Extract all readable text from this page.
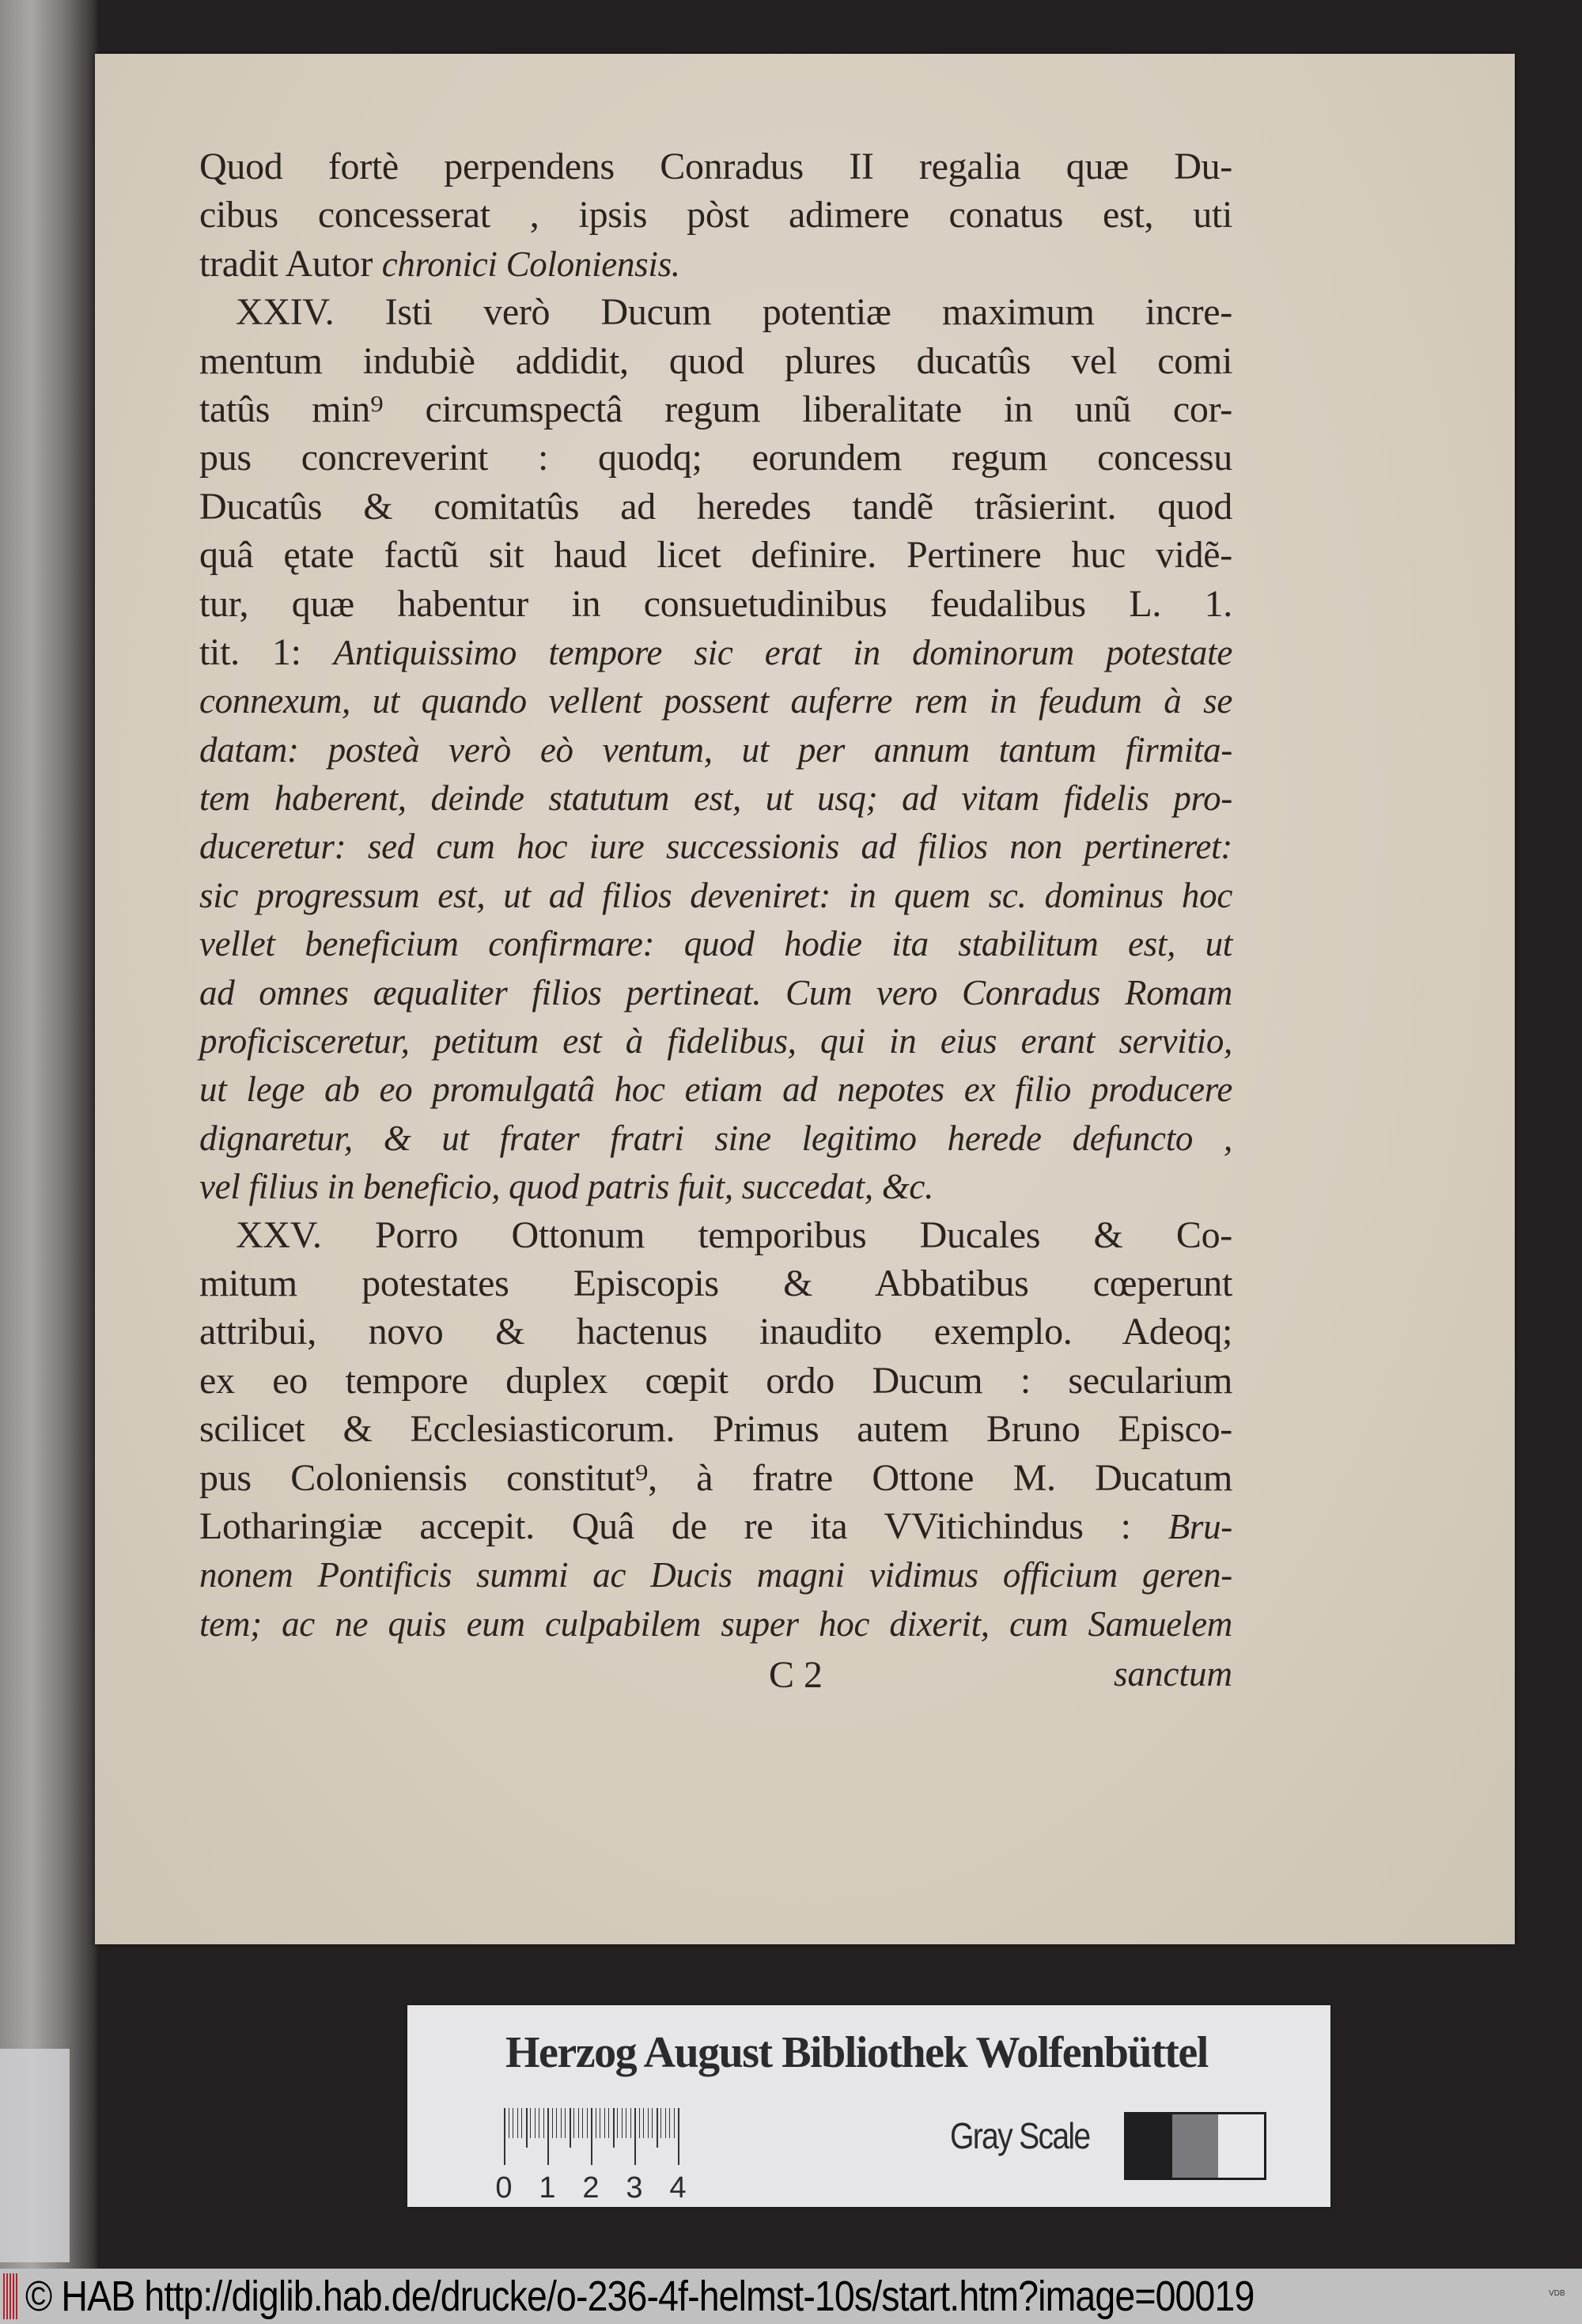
Quod fortè perpendens Conradus II regalia quæ Du-
cibus concesserat , ipsis pòst adimere conatus est, uti
tradit Autor chronici Coloniensis.
XXIV. Isti verò Ducum potentiæ maximum incre-
mentum indubiè addidit, quod plures ducatûs vel comi
tatûs min⁹ circumspectâ regum liberalitate in unũ cor-
pus concreverint : quodq; eorundem regum concessu
Ducatûs & comitatûs ad heredes tandẽ trãsierint. quod
quâ ętate factũ sit haud licet definire. Pertinere huc vidẽ-
tur, quæ habentur in consuetudinibus feudalibus L. 1.
tit. 1: Antiquissimo tempore sic erat in dominorum potestate
connexum, ut quando vellent possent auferre rem in feudum à se
datam: posteà verò eò ventum, ut per annum tantum firmita-
tem haberent, deinde statutum est, ut usq; ad vitam fidelis pro-
duceretur: sed cum hoc iure successionis ad filios non pertineret:
sic progressum est, ut ad filios deveniret: in quem sc. dominus hoc
vellet beneficium confirmare: quod hodie ita stabilitum est, ut
ad omnes æqualiter filios pertineat. Cum vero Conradus Romam
proficisceretur, petitum est à fidelibus, qui in eius erant servitio,
ut lege ab eo promulgatâ hoc etiam ad nepotes ex filio producere
dignaretur, & ut frater fratri sine legitimo herede defuncto ,
vel filius in beneficio, quod patris fuit, succedat, &c.
XXV. Porro Ottonum temporibus Ducales & Co-
mitum potestates Episcopis & Abbatibus cœperunt
attribui, novo & hactenus inaudito exemplo. Adeoq;
ex eo tempore duplex cœpit ordo Ducum : secularium
scilicet & Ecclesiasticorum. Primus autem Bruno Episco-
pus Coloniensis constitut⁹, à fratre Ottone M. Ducatum
Lotharingiæ accepit. Quâ de re ita VVitichindus : Bru-
nonem Pontificis summi ac Ducis magni vidimus officium geren-
tem; ac ne quis eum culpabilem super hoc dixerit, cum Samuelem
C 2	sanctum
Herzog August Bibliothek Wolfenbüttel
0 1 2 3 4
Gray Scale
© HAB http://diglib.hab.de/drucke/o-236-4f-helmst-10s/start.htm?image=00019	VDB
